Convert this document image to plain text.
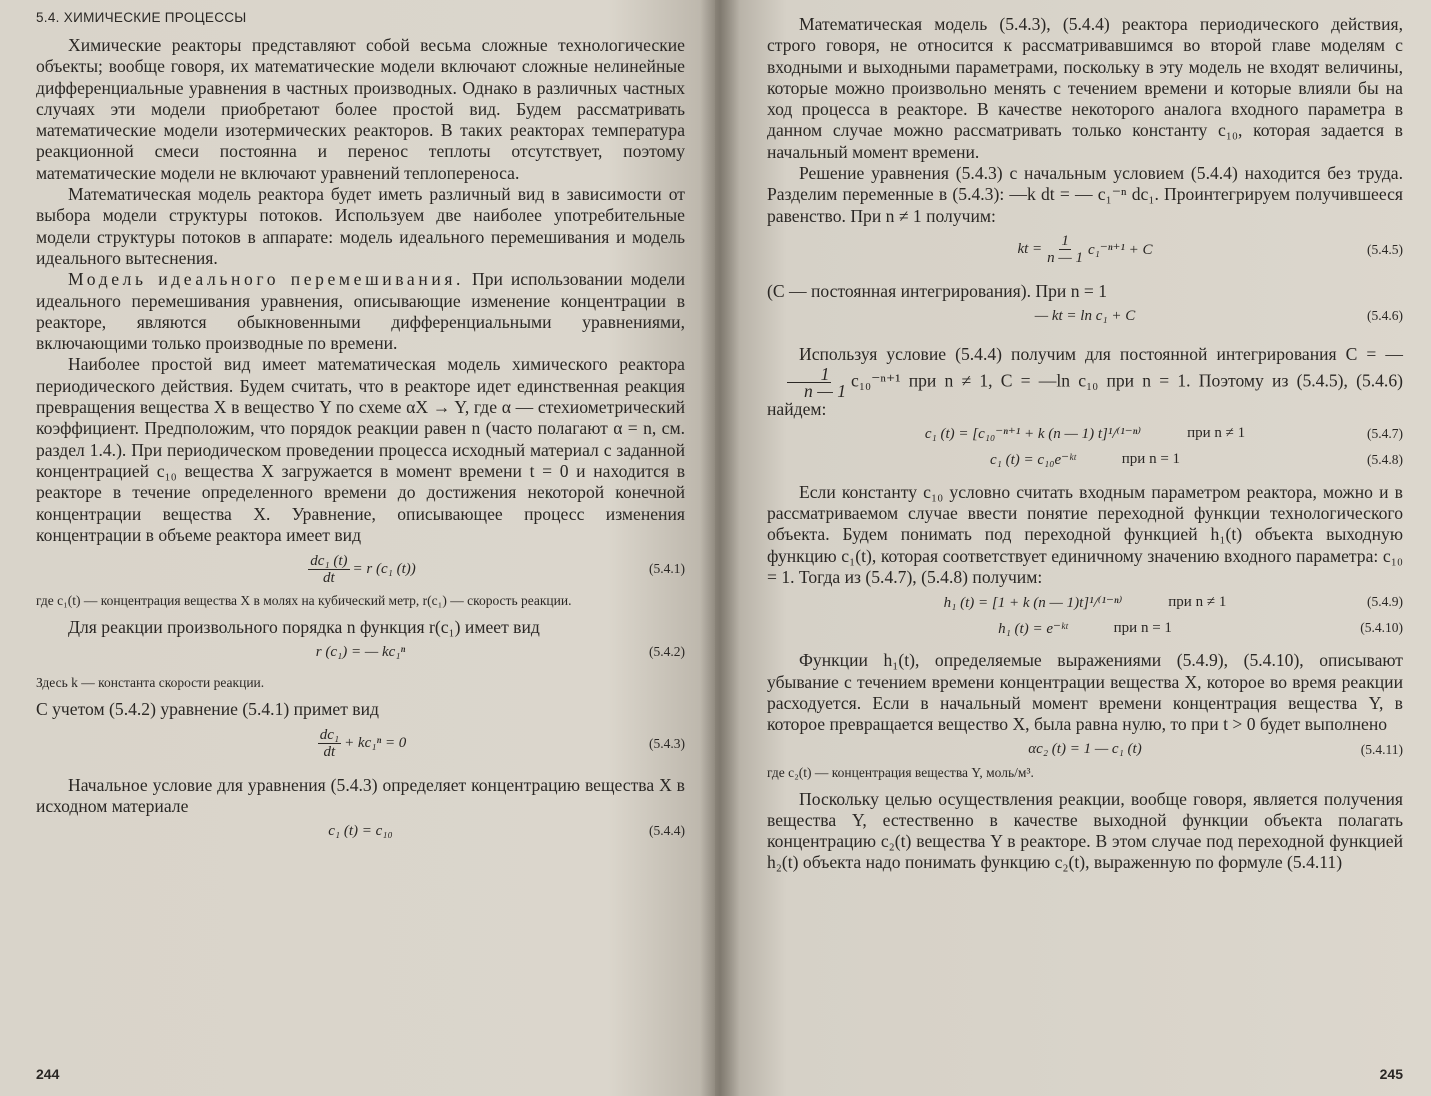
5.4. ХИМИЧЕСКИЕ ПРОЦЕССЫ

Химические реакторы представляют собой весьма сложные технологические объекты; вообще говоря, их математические модели включают сложные нелинейные дифференциальные уравнения в частных производных. Однако в различных частных случаях эти модели приобретают более простой вид. Будем рассматривать математические модели изотермических реакторов. В таких реакторах температура реакционной смеси постоянна и перенос теплоты отсутствует, поэтому математические модели не включают уравнений теплопереноса.

Математическая модель реактора будет иметь различный вид в зависимости от выбора модели структуры потоков. Используем две наиболее употребительные модели структуры потоков в аппарате: модель идеального перемешивания и модель идеального вытеснения.

Модель идеального перемешивания. При использовании модели идеального перемешивания уравнения, описывающие изменение концентрации в реакторе, являются обыкновенными дифференциальными уравнениями, включающими только производные по времени.

Наиболее простой вид имеет математическая модель химического реактора периодического действия. Будем считать, что в реакторе идет единственная реакция превращения вещества X в вещество Y по схеме αX → Y, где α — стехиометрический коэффициент. Предположим, что порядок реакции равен n (часто полагают α = n, см. раздел 1.4.). При периодическом проведении процесса исходный материал с заданной концентрацией c₁₀ вещества X загружается в момент времени t = 0 и находится в реакторе в течение определенного времени до достижения некоторой конечной концентрации вещества X. Уравнение, описывающее процесс изменения концентрации в объеме реактора имеет вид

$\frac{\text{dc₁ (t)}}{dt} = r$ (c₁ (t))	(5.4.1)

где c₁(t) — концентрация вещества X в молях на кубический метр, r(c₁) — скорость реакции.

Для реакции произвольного порядка n функция r(c₁) имеет вид

r (c₁) = — kc₁ⁿ	(5.4.2)

Здесь k — константа скорости реакции.

С учетом (5.4.2) уравнение (5.4.1) примет вид

$\frac{\text{dc₁}}{dt} + kc_1^n = 0$	(5.4.3)

Начальное условие для уравнения (5.4.3) определяет концентрацию вещества X в исходном материале

c₁ (t) = c₁₀	(5.4.4)
244

Математическая модель (5.4.3), (5.4.4) реактора периодического действия, строго говоря, не относится к рассматривавшимся во второй главе моделям с входными и выходными параметрами, поскольку в эту модель не входят величины, которые можно произвольно менять с течением времени и которые влияли бы на ход процесса в реакторе. В качестве некоторого аналога входного параметра в данном случае можно рассматривать только константу c₁₀, которая задается в начальный момент времени.

Решение уравнения (5.4.3) с начальным условием (5.4.4) находится без труда. Разделим переменные в (5.4.3): —k dt = — c₁⁻ⁿ dc₁. Проинтегрируем получившееся равенство. При n ≠ 1 получим:

kt = $\frac{1}{n — 1} c_1^{-n+1} + C$	(5.4.5)

(C — постоянная интегрирования). При n = 1

— kt = ln c₁ + C	(5.4.6)

Используя условие (5.4.4) получим для постоянной интегрирования C = —
$\frac{1}{n — 1} c_{10}^{-n+1}$ при n ≠ 1, C = —ln c₁₀ при n = 1. Поэтому из (5.4.5), (5.4.6) найдем:

c₁ (t) = [c₁₀⁻ⁿ⁺¹ + k (n — 1) t]¹/⁽¹⁻ⁿ⁾	при n ≠ 1	(5.4.7)
c₁ (t) = c₁₀e⁻ᵏᵗ	при n = 1	(5.4.8)

Если константу c₁₀ условно считать входным параметром реактора, можно и в рассматриваемом случае ввести понятие переходной функции технологического объекта. Будем понимать под переходной функцией h₁(t) объекта выходную функцию c₁(t), которая соответствует единичному значению входного параметра: c₁₀ = 1. Тогда из (5.4.7), (5.4.8) получим:

h₁ (t) = [1 + k (n — 1)t]¹/⁽¹⁻ⁿ⁾	при n ≠ 1	(5.4.9)
h₁ (t) = e⁻ᵏᵗ	при n = 1	(5.4.10)

Функции h₁(t), определяемые выражениями (5.4.9), (5.4.10), описывают убывание с течением времени концентрации вещества X, которое во время реакции расходуется. Если в начальный момент времени концентрация вещества Y, в которое превращается вещество X, была равна нулю, то при t > 0 будет выполнено

αc₂ (t) = 1 — c₁ (t)	(5.4.11)

где c₂(t) — концентрация вещества Y, моль/м³.

Поскольку целью осуществления реакции, вообще говоря, является получения вещества Y, естественно в качестве выходной функции объекта полагать концентрацию c₂(t) вещества Y в реакторе. В этом случае под переходной функцией h₂(t) объекта надо понимать функцию c₂(t), выраженную по формуле (5.4.11)

245
